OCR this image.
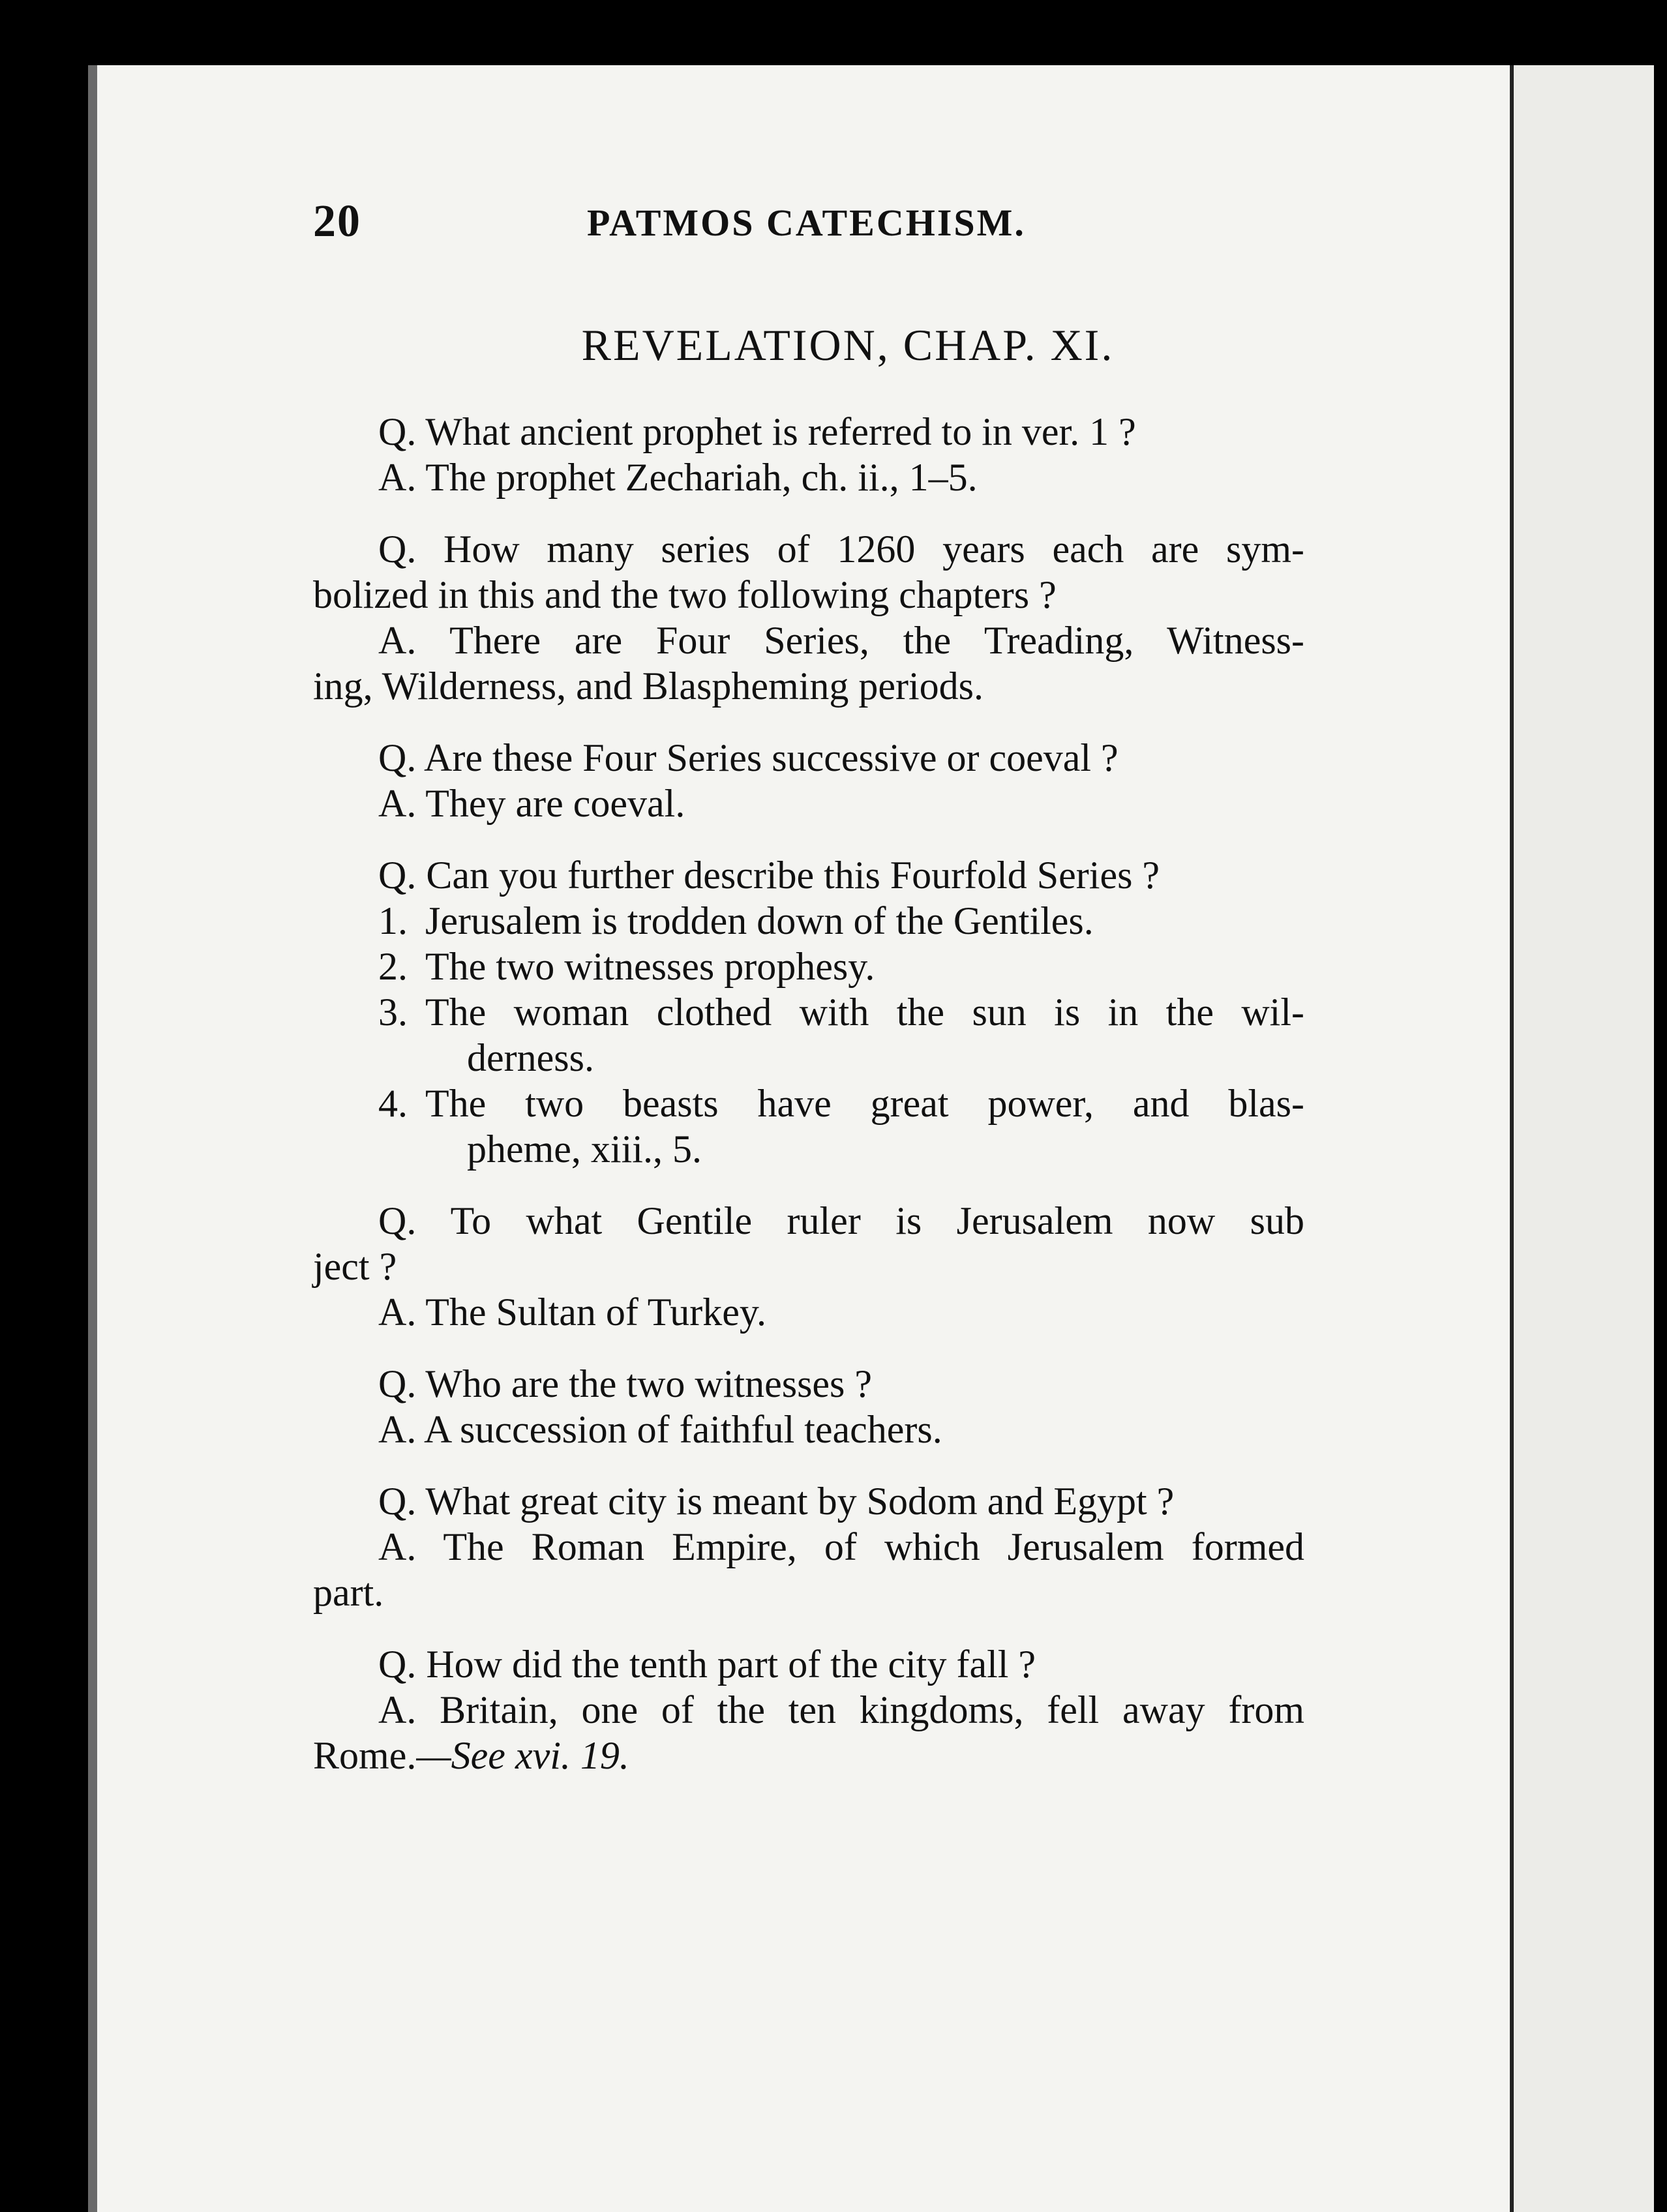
20	PATMOS CATECHISM.
REVELATION, CHAP. XI.
Q. What ancient prophet is referred to in ver. 1 ?
A. The prophet Zechariah, ch. ii., 1–5.
Q. How many series of 1260 years each are sym-
bolized in this and the two following chapters ?
A. There are Four Series, the Treading, Witness-
ing, Wilderness, and Blaspheming periods.
Q. Are these Four Series successive or coeval ?
A. They are coeval.
Q. Can you further describe this Fourfold Series ?
1. Jerusalem is trodden down of the Gentiles.
2. The two witnesses prophesy.
3. The woman clothed with the sun is in the wil-
derness.
4. The two beasts have great power, and blas-
pheme, xiii., 5.
Q. To what Gentile ruler is Jerusalem now sub
ject ?
A. The Sultan of Turkey.
Q. Who are the two witnesses ?
A. A succession of faithful teachers.
Q. What great city is meant by Sodom and Egypt ?
A. The Roman Empire, of which Jerusalem formed
part.
Q. How did the tenth part of the city fall ?
A. Britain, one of the ten kingdoms, fell away from
Rome.—See xvi. 19.
